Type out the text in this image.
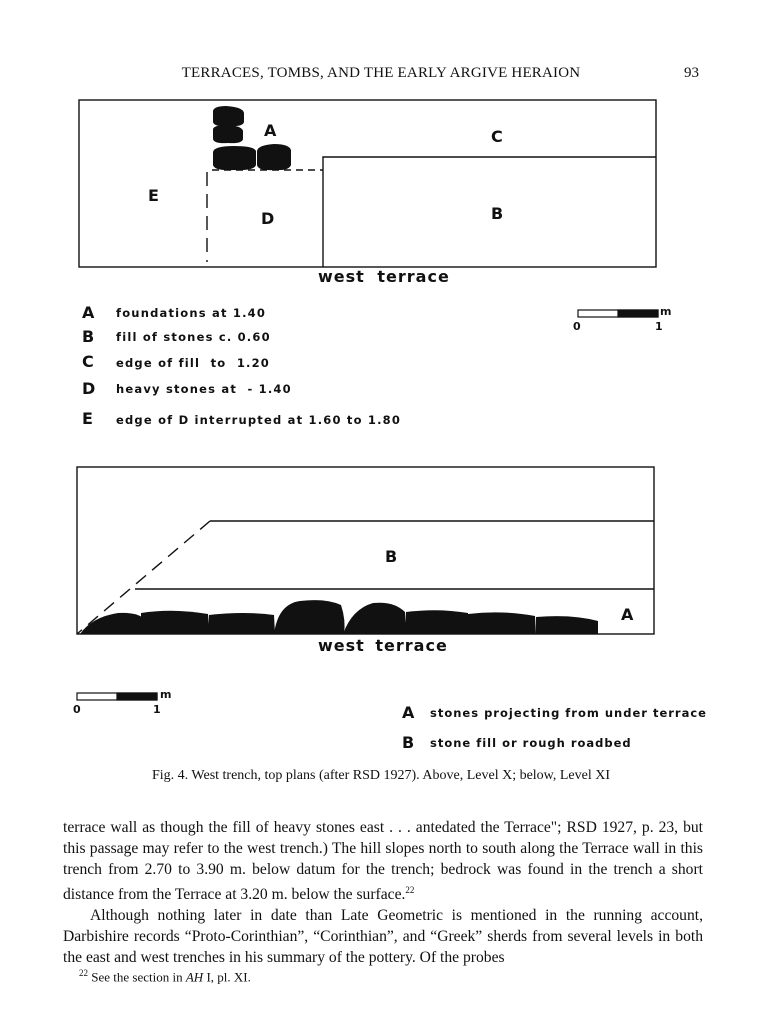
TERRACES, TOMBS, AND THE EARLY ARGIVE HERAION	93
A	C
E
D	B
west terrace
A foundations at 1.40
B fill of stones c. 0.60
C edge of fill  to  1.20
D heavy stones at  - 1.40
E edge of D interrupted at 1.60 to 1.80
m
0	1
B
A
west terrace
m
0	1	A stones projecting from under terrace
B stone fill or rough roadbed
Fig. 4. West trench, top plans (after RSD 1927). Above, Level X; below, Level XI

terrace wall as though the fill of heavy stones east . . . antedated the Terrace"; RSD 1927, p. 23, but this passage may refer to the west trench.) The hill slopes north to south along the Terrace wall in this trench from 2.70 to 3.90 m. below datum for the trench; bedrock was found in the trench a short distance from the Terrace at 3.20 m. below the surface.$^{22}$

Although nothing later in date than Late Geometric is mentioned in the running account, Darbishire records “Proto-Corinthian”, “Corinthian”, and “Greek” sherds from several levels in both the east and west trenches in his summary of the pottery. Of the probes

$^{22}$ See the section in AH I, pl. XI.
